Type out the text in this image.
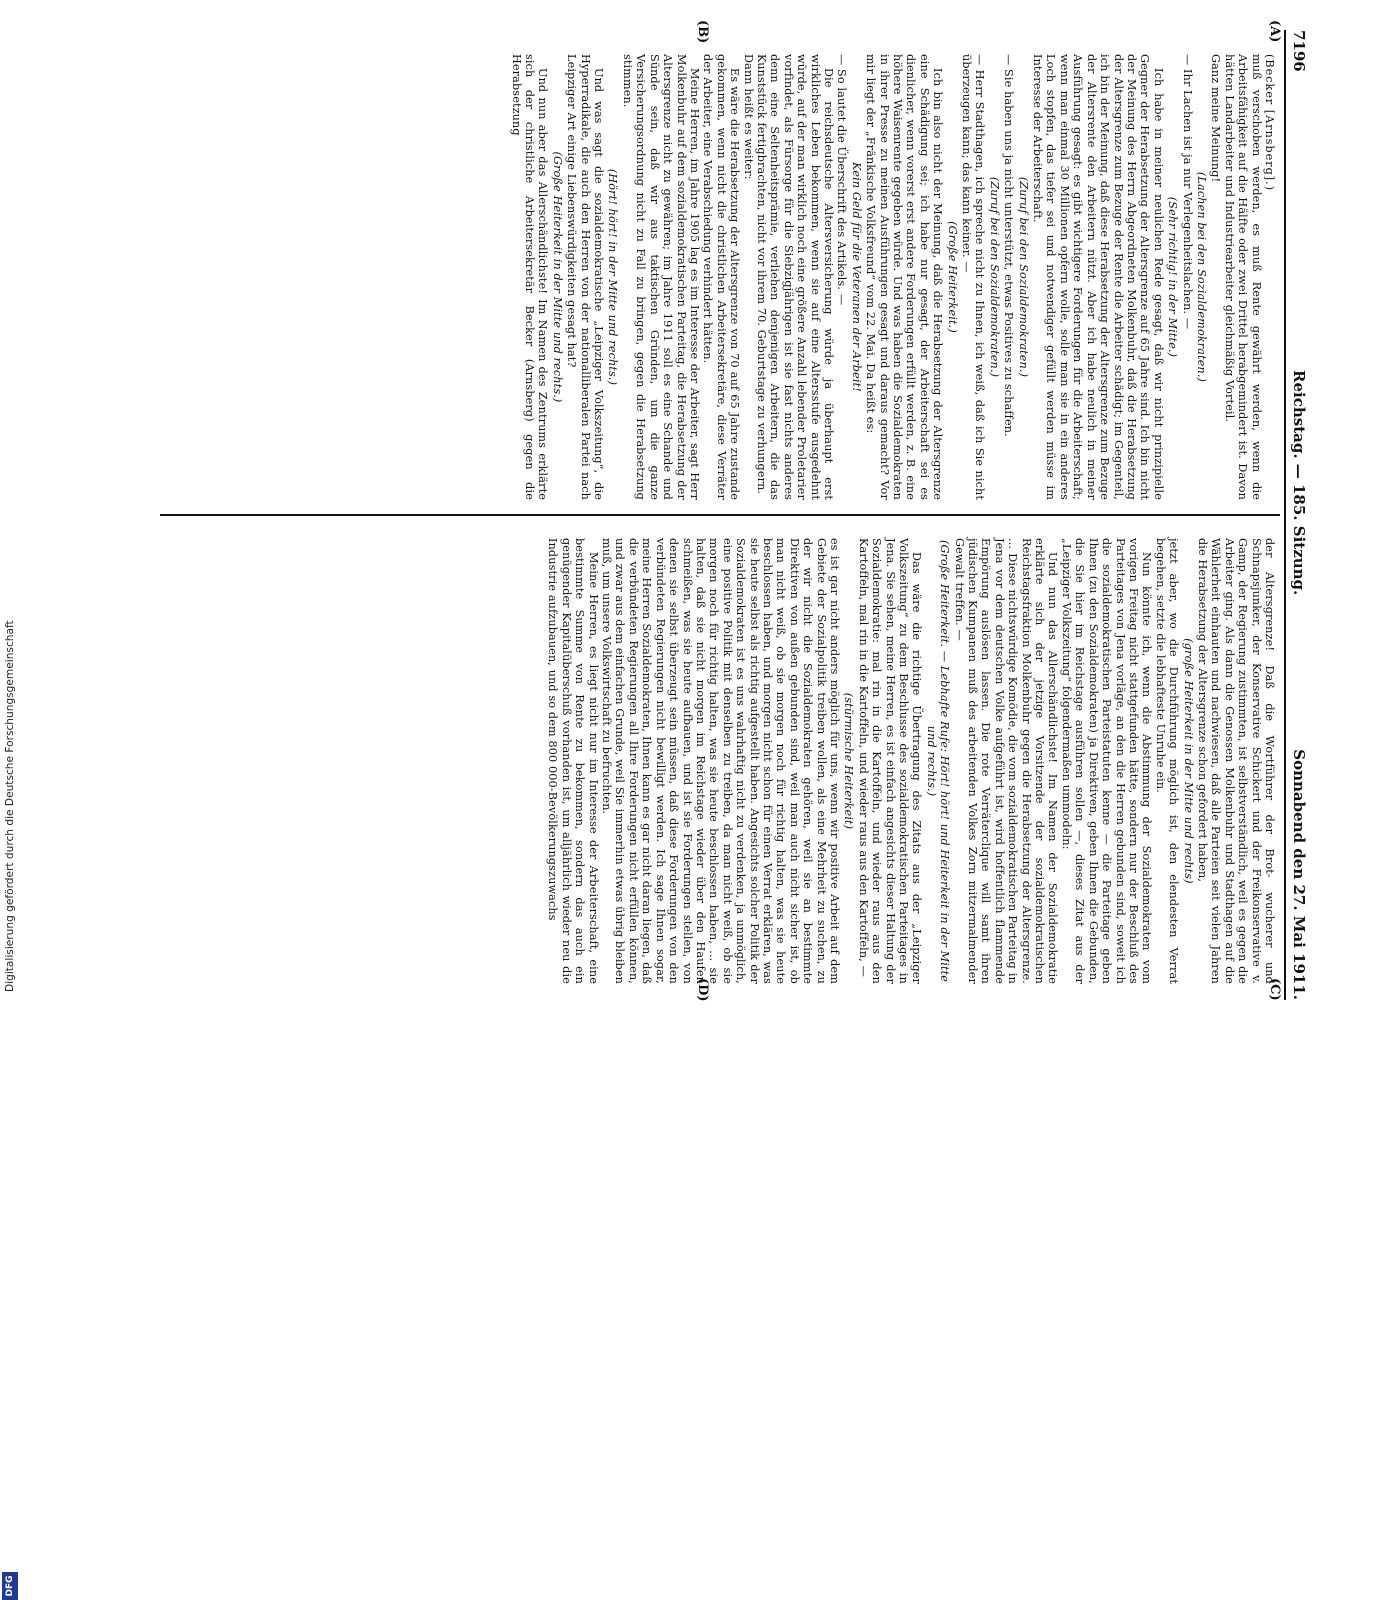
7196
Reichstag. — 185. Sitzung.
Sonnabend den 27. Mai 1911.
(A)
(B)
(C)
(D)

(Becker [Arnsberg].)

muß verschoben werden, es muß Rente gewährt werden, wenn die Arbeitsfähigkeit auf die Hälfte oder zwei Drittel herabgemindert ist. Davon hätten Landarbeiter und Industriearbeiter gleichmäßig Vorteil.

Ganz meine Meinung!

(Lachen bei den Sozialdemokraten.)

— Ihr Lachen ist ja nur Verlegenheitslachen. —

(Sehr richtig! in der Mitte.)

Ich habe in meiner neulichen Rede gesagt, daß wir nicht prinzipielle Gegner der Herabsetzung der Altersgrenze auf 65 Jahre sind. Ich bin nicht der Meinung des Herrn Abgeordneten Molkenbuhr, daß die Herabsetzung der Altersgrenze zum Bezuge der Rente die Arbeiter schädigt; im Gegenteil, ich bin der Meinung, daß diese Herabsetzung der Altersgrenze zum Bezuge der Altersrente den Arbeitern nützt. Aber ich habe neulich in meiner Ausführung gesagt: es gibt wichtigere Forderungen für die Arbeiterschaft; wenn man einmal 30 Millionen opfern wolle, solle man sie in ein anderes Loch stopfen, das tiefer sei und notwendiger gefüllt werden müsse im Interesse der Arbeiterschaft.

(Zuruf bei den Sozialdemokraten.)

— Sie haben uns ja nicht unterstützt, etwas Positives zu schaffen.

(Zuruf bei den Sozialdemokraten.)

— Herr Stadthagen, ich spreche nicht zu Ihnen, ich weiß, daß ich Sie nicht überzeugen kann; das kann keiner. —

(Große Heiterkeit.)

Ich bin also nicht der Meinung, daß die Herabsetzung der Altersgrenze eine Schädigung sei; ich habe nur gesagt, der Arbeiterschaft sei es dienlicher, wenn vorerst erst andere Forderungen erfüllt werden, z. B. eine höhere Waisenrente gegeben würde. Und was haben die Sozialdemokraten in ihrer Presse zu meinen Ausführungen gesagt und daraus gemacht? Vor mir liegt der „Fränkische Volksfreund“ vom 22. Mai. Da heißt es:

Kein Geld für die Veteranen der Arbeit!

— So lautet die Überschrift des Artikels. —

Die reichsdeutsche Altersversicherung würde ja überhaupt erst wirkliches Leben bekommen, wenn sie auf eine Altersstufe ausgedehnt würde, auf der man wirklich noch eine größere Anzahl lebender Proletarier vorfindet, als Fürsorge für die Siebzigjährigen ist sie fast nichts anderes denn eine Seltenheitsprämie, verliehen denjenigen Arbeitern, die das Kunststück fertigbrachten, nicht vor ihrem 70. Geburtstage zu verhungern.

Dann heißt es weiter:

Es wäre die Herabsetzung der Altersgrenze von 70 auf 65 Jahre zustande gekommen, wenn nicht die christlichen Arbeitersekretäre, diese Verräter der Arbeiter, eine Verabschiedung verhindert hätten.

Meine Herren, im Jahre 1905 lag es im Interesse der Arbeiter, sagt Herr Molkenbuhr auf dem sozialdemokratischen Parteitag, die Herabsetzung der Altersgrenze nicht zu gewähren; im Jahre 1911 soll es eine Schande und Sünde sein, daß wir aus taktischen Gründen, um die ganze Versicherungsordnung nicht zu Fall zu bringen, gegen die Herabsetzung stimmen.

(Hört! hört! in der Mitte und rechts.)

Und was sagt die sozialdemokratische „Leipziger Volkszeitung“, die Hyperradikale, die auch den Herren von der nationalliberalen Partei nach Leipziger Art einige Liebenswürdigkeiten gesagt hat?

(Große Heiterkeit in der Mitte und rechts.)

Und nun aber das Allerschändlichste! Im Namen des Zentrums erklärte sich der christliche Arbeitersekretär Becker (Arnsberg) gegen die Herabsetzung

der Altersgrenze! Daß die Wortführer der Brot- wucherer und Schnapsjunker, der Konservative Schickert und der Freikonservative v. Gamp, der Regierung zustimmten, ist selbstverständlich, weil es gegen die Arbeiter ging. Als dann die Genossen Molkenbuhr und Stadthagen auf die Wählerheit einhauten und nachwiesen, daß alle Parteien seit vielen Jahren die Herabsetzung der Altersgrenze schon gefordert haben,

(große Heiterkeit in der Mitte und rechts)

jetzt aber, wo die Durchführung möglich ist, den elendesten Verrat begehen, setzte die lebhafteste Unruhe ein.

Nun könnte ich, wenn die Abstimmung der Sozialdemokraten vom vorigen Freitag nicht stattgefunden hätte, sondern nur der Beschluß des Parteitages von Jena vorläge, an den die Herren gebunden sind, soweit ich die sozialdemokratischen Parteistatuten kenne — die Parteitage geben Ihnen (zu den Sozialdemokraten) ja Direktiven, geben Ihnen die Gebunden, die Sie hier im Reichstage ausführen sollen —, dieses Zitat aus der „Leipziger Volkszeitung“ folgendermaßen ummodeln:

Und nun das Allerschändlichste! Im Namen der Sozialdemokratie erklärte sich der jetzige Vorsitzende der sozialdemokratischen Reichstagsfraktion Molkenbuhr gegen die Herabsetzung der Altersgrenze. ... Diese nichtswürdige Komödie, die vom sozialdemokratischen Parteitag in Jena vor dem deutschen Volke aufgeführt ist, wird hoffentlich flammende Empörung auslösen lassen. Die rote Verräterclique will samt ihren jüdischen Kumpanen muß des arbeitenden Volkes Zorn mitzermalmender Gewalt treffen. —

(Große Heiterkeit. — Lebhafte Rufe: Hört! hört! und Heiterkeit in der Mitte und rechts.)

Das wäre die richtige Übertragung des Zitats aus der „Leipziger Volkszeitung“ zu dem Beschlusse des sozialdemokratischen Parteitages in Jena. Sie sehen, meine Herren, es ist einfach angesichts dieser Haltung der Sozialdemokratie: mal rin in die Kartoffeln, und wieder raus aus den Kartoffeln, mal rin in die Kartoffeln, und wieder raus aus den Kartoffeln, —

(stürmische Heiterkeit)

es ist gar nicht anders möglich für uns, wenn wir positive Arbeit auf dem Gebiete der Sozialpolitik treiben wollen, als eine Mehrheit zu suchen, zu der wir nicht die Sozialdemokraten gehören, weil sie an bestimmte Direktiven von außen gebunden sind, weil man auch nicht sicher ist, ob man nicht weiß, ob sie morgen noch für richtig halten, was sie heute beschlossen haben, und morgen nicht schon für einen Verrat erklären, was sie heute selbst als richtig aufgestellt haben. Angesichts solcher Politik der Sozialdemokraten ist es uns wahrhaftig nicht zu verdenken, ja unmöglich, eine positive Politik mit denselben zu treiben, da man nicht weiß, ob sie morgen noch für richtig halten, was sie heute beschlossen haben, ... sie halten, daß sie nicht morgen im Reichstage wieder über den Haufen schmeißen, was sie heute aufbauen, und ist sie Forderungen stellen, von denen sie selbst überzeugt sein müssen, daß diese Forderungen von den verbündeten Regierungen nicht bewilligt werden. Ich sage Ihnen sogar, meine Herren Sozialdemokraten, Ihnen kann es gar nicht daran liegen, daß die verbündeten Regierungen all Ihre Forderungen nicht erfüllen können, und zwar aus dem einfachen Grunde, weil Sie immerhin etwas übrig bleiben muß, um unsere Volkswirtschaft zu befruchten.

Meine Herren, es liegt nicht nur im Interesse der Arbeiterschaft, eine bestimmte Summe von Rente zu bekommen, sondern das auch ein genügender Kapitalüberschuß vorhanden ist, um alljährlich wieder neu die Industrie aufzubauen, und so dem 800 000-Bevölkerungszuwachs

Digitalisierung gefördert durch die Deutsche Forschungsgemeinschaft
DFG
